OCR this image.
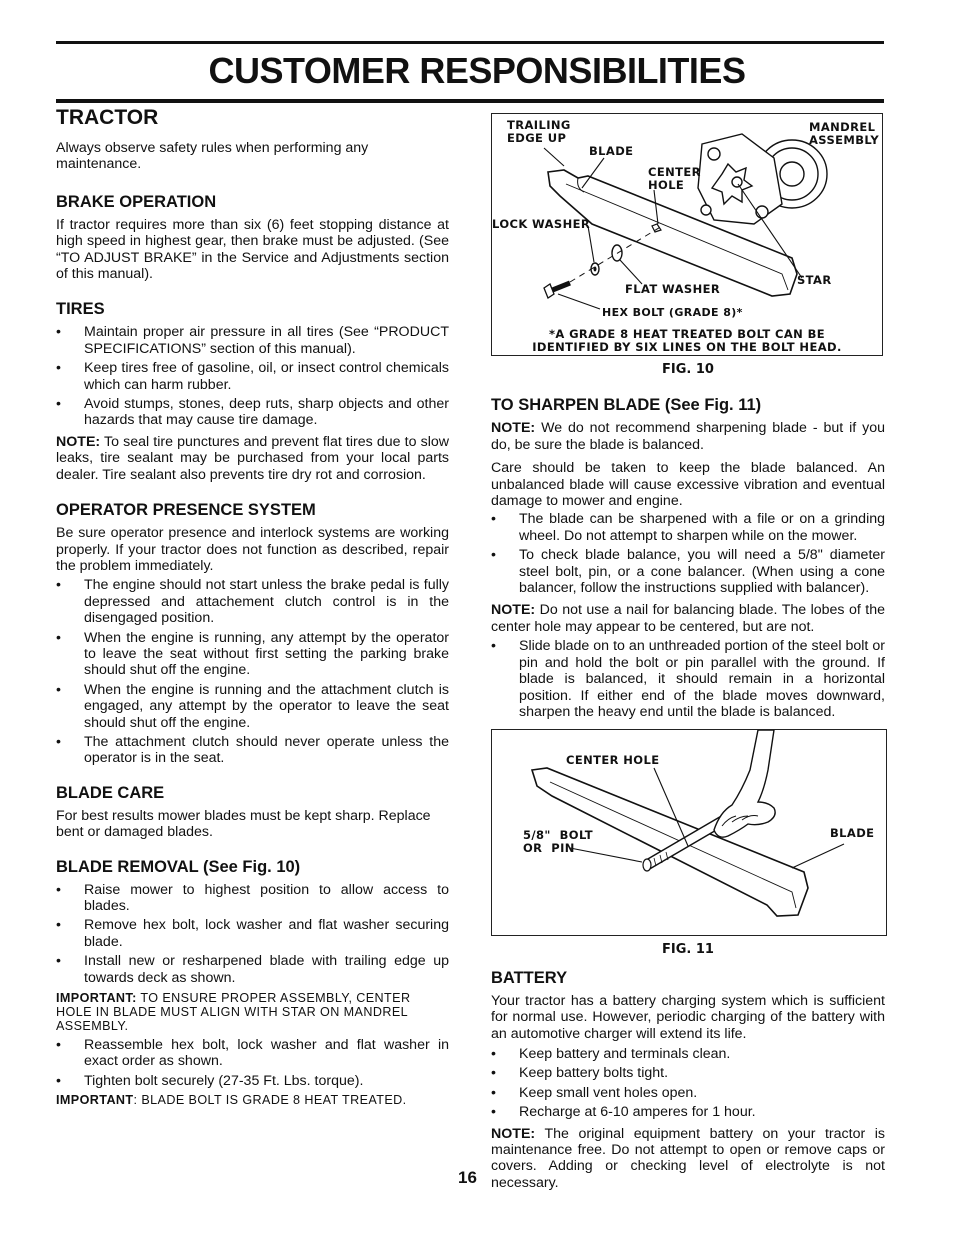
CUSTOMER RESPONSIBILITIES
TRACTOR

Always observe safety rules when performing any maintenance.

BRAKE OPERATION

If tractor requires more than six (6) feet stopping distance at high speed in highest gear, then brake must be adjusted. (See “TO ADJUST BRAKE” in the Service and Adjustments section of this manual).

TIRES
• Maintain proper air pressure in all tires (See “PRODUCT SPECIFICATIONS” section of this manual).
• Keep tires free of gasoline, oil, or insect control chemicals which can harm rubber.
• Avoid stumps, stones, deep ruts, sharp objects and other hazards that may cause tire damage.

NOTE: To seal tire punctures and prevent flat tires due to slow leaks, tire sealant may be purchased from your local parts dealer. Tire sealant also prevents tire dry rot and corrosion.

OPERATOR PRESENCE SYSTEM

Be sure operator presence and interlock systems are working properly. If your tractor does not function as described, repair the problem immediately.

• The engine should not start unless the brake pedal is fully depressed and attachement clutch control is in the disengaged position.
• When the engine is running, any attempt by the operator to leave the seat without first setting the parking brake should shut off the engine.
• When the engine is running and the attachment clutch is engaged, any attempt by the operator to leave the seat should shut off the engine.
• The attachment clutch should never operate unless the operator is in the seat.
BLADE CARE

For best results mower blades must be kept sharp. Replace bent or damaged blades.

BLADE REMOVAL (See Fig. 10)
• Raise mower to highest position to allow access to blades.
• Remove hex bolt, lock washer and flat washer securing blade.
• Install new or resharpened blade with trailing edge up towards deck as shown.

IMPORTANT: TO ENSURE PROPER ASSEMBLY, CENTER HOLE IN BLADE MUST ALIGN WITH STAR ON MANDREL ASSEMBLY.

• Reassemble hex bolt, lock washer and flat washer in exact order as shown.
• Tighten bolt securely (27-35 Ft. Lbs. torque).

IMPORTANT: BLADE BOLT IS GRADE 8 HEAT TREATED.

TRAILING
EDGE UP
BLADE
MANDREL
ASSEMBLY
CENTER
HOLE
LOCK WASHER
STAR
FLAT WASHER
HEX BOLT (GRADE 8)*
*A GRADE 8 HEAT TREATED BOLT CAN BE
IDENTIFIED BY SIX LINES ON THE BOLT HEAD.

FIG. 10

TO SHARPEN BLADE (See Fig. 11)

NOTE: We do not recommend sharpening blade - but if you do, be sure the blade is balanced.

Care should be taken to keep the blade balanced. An unbalanced blade will cause excessive vibration and eventual damage to mower and engine.

• The blade can be sharpened with a file or on a grinding wheel. Do not attempt to sharpen while on the mower.
• To check blade balance, you will need a 5/8" diameter steel bolt, pin, or a cone balancer. (When using a cone balancer, follow the instructions supplied with balancer).

NOTE: Do not use a nail for balancing blade. The lobes of the center hole may appear to be centered, but are not.

• Slide blade on to an unthreaded portion of the steel bolt or pin and hold the bolt or pin parallel with the ground. If blade is balanced, it should remain in a horizontal position. If either end of the blade moves downward, sharpen the heavy end until the blade is balanced.
CENTER HOLE
5/8"  BOLT
OR  PIN
BLADE

FIG. 11

BATTERY

Your tractor has a battery charging system which is sufficient for normal use. However, periodic charging of the battery with an automotive charger will extend its life.

• Keep battery and terminals clean.
• Keep battery bolts tight.
• Keep small vent holes open.
• Recharge at 6-10 amperes for 1 hour.

NOTE: The original equipment battery on your tractor is maintenance free. Do not attempt to open or remove caps or covers. Adding or checking level of electrolyte is not necessary.

16
